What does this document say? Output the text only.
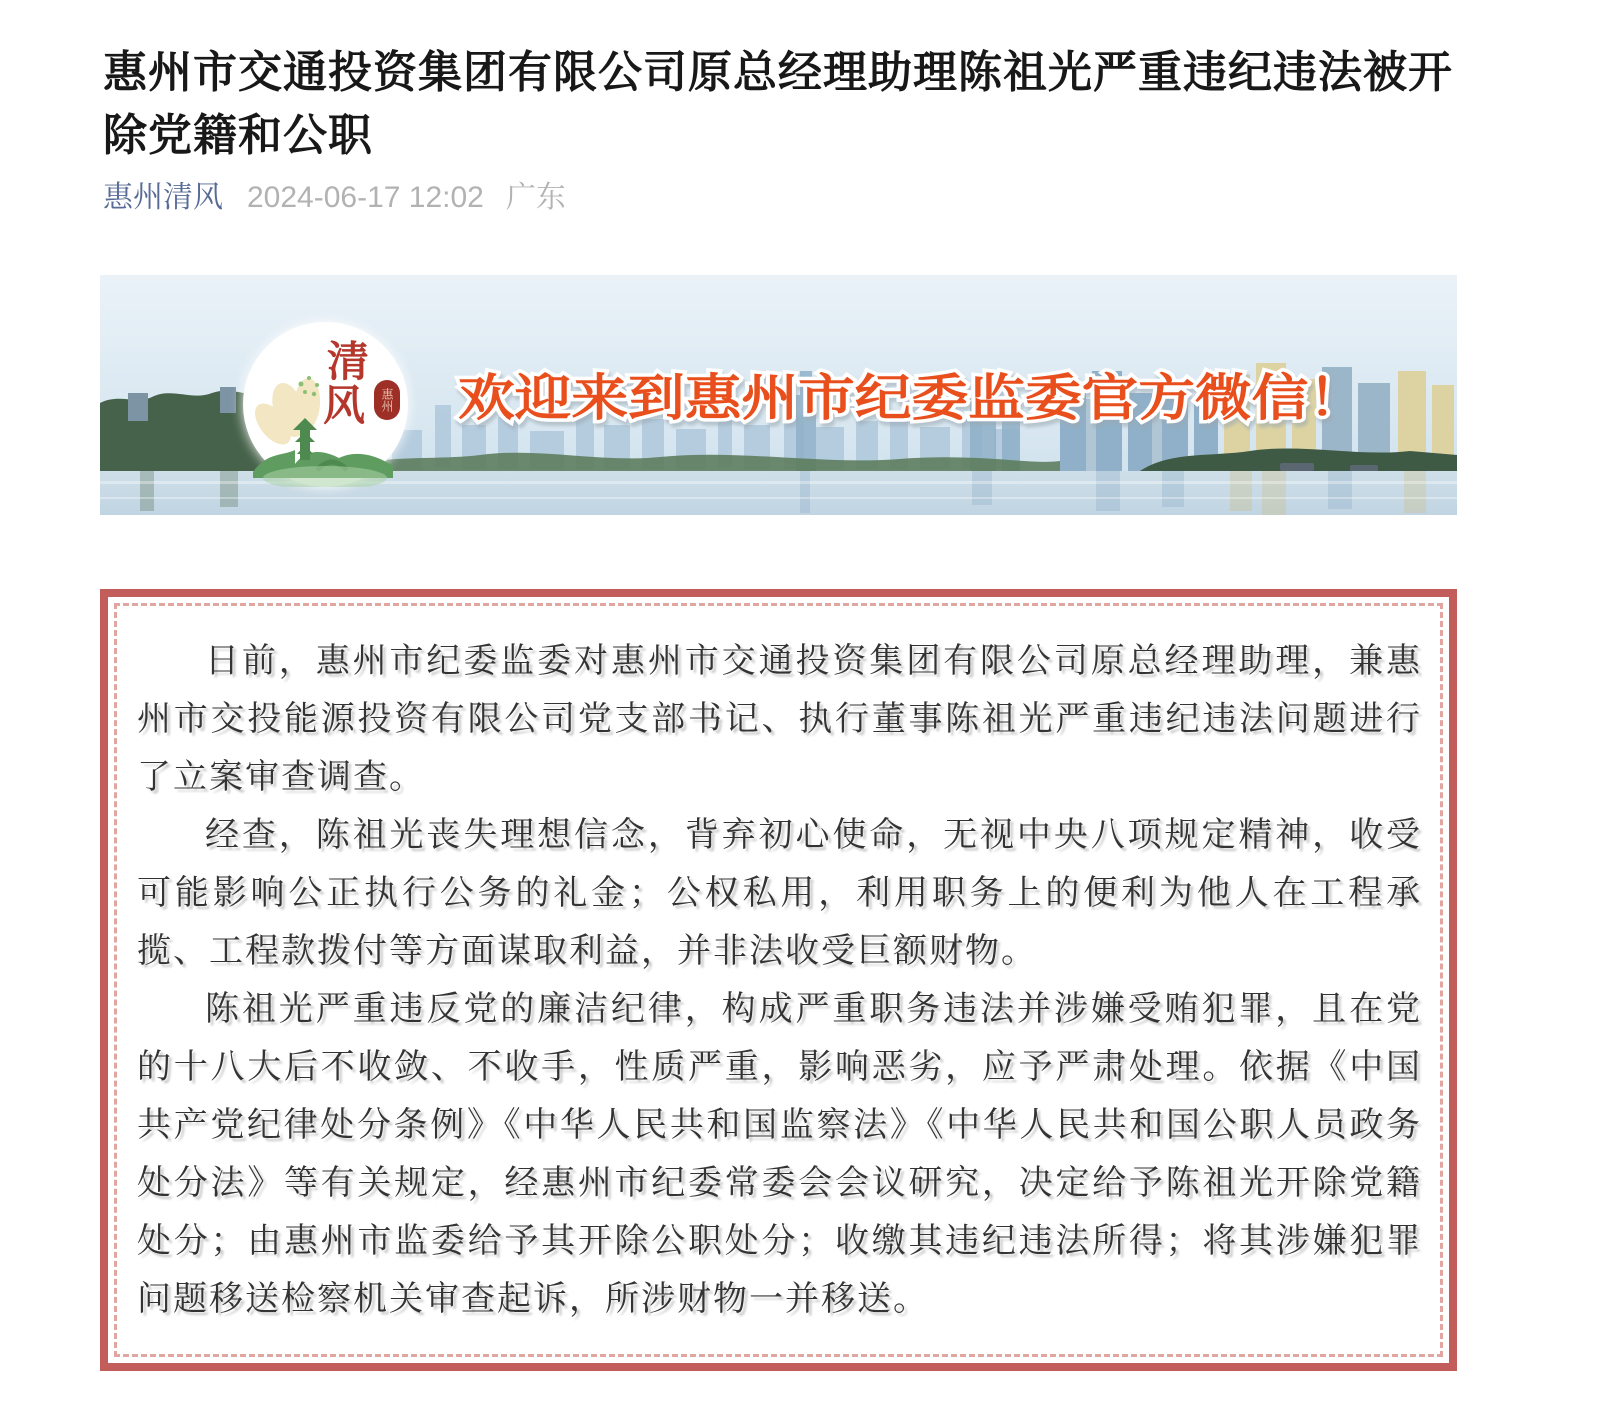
惠州市交通投资集团有限公司原总经理助理陈祖光严重违纪违法被开除党籍和公职
惠州清风 2024-06-17 12:02 广东
欢迎来到惠州市纪委监委官方微信！
清
风 惠州

日前，惠州市纪委监委对惠州市交通投资集团有限公司原总经理助理，兼惠州市交投能源投资有限公司党支部书记、执行董事陈祖光严重违纪违法问题进行了立案审查调查。

经查，陈祖光丧失理想信念，背弃初心使命，无视中央八项规定精神，收受可能影响公正执行公务的礼金；公权私用，利用职务上的便利为他人在工程承揽、工程款拨付等方面谋取利益，并非法收受巨额财物。

陈祖光严重违反党的廉洁纪律，构成严重职务违法并涉嫌受贿犯罪，且在党的十八大后不收敛、不收手，性质严重，影响恶劣，应予严肃处理。依据《中国共产党纪律处分条例》《中华人民共和国监察法》《中华人民共和国公职人员政务处分法》等有关规定，经惠州市纪委常委会会议研究，决定给予陈祖光开除党籍处分；由惠州市监委给予其开除公职处分；收缴其违纪违法所得；将其涉嫌犯罪问题移送检察机关审查起诉，所涉财物一并移送。
